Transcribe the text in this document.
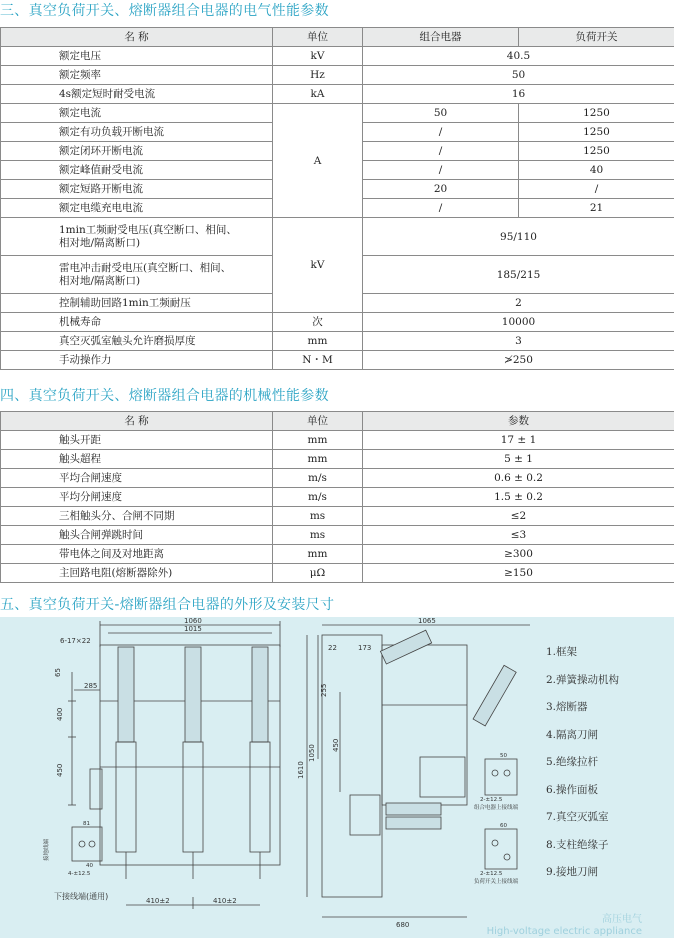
三、真空负荷开关、熔断器组合电器的电气性能参数
名 称	单位	组合电器	负荷开关
额定电压	kV	40.5	
额定频率	Hz	50	
4s额定短时耐受电流	kA	16	
额定电流	A	50	1250
额定有功负载开断电流		/	1250
额定闭环开断电流		/	1250
额定峰值耐受电流		/	40
额定短路开断电流		20	/
额定电缆充电电流		/	21

1min工频耐受电压(真空断口、相间、
相对地/隔离断口)	kV	95/110	

雷电冲击耐受电压(真空断口、相间、
相对地/隔离断口)		185/215	
控制辅助回路1min工频耐压		2	
机械寿命	次	10000	
真空灭弧室触头允许磨损厚度	mm	3	
手动操作力	N・M	≯250	
四、真空负荷开关、熔断器组合电器的机械性能参数
名 称	单位	参数
触头开距	mm	17 ± 1
触头超程	mm	5 ± 1
平均合闸速度	m/s	0.6 ± 0.2
平均分闸速度	m/s	1.5 ± 0.2
三相触头分、合闸不同期	ms	≤2
触头合闸弹跳时间	ms	≤3
带电体之间及对地距离	mm	≥300
主回路电阻(熔断器除外)	μΩ	≥150
五、真空负荷开关-熔断器组合电器的外形及安装尺寸
1060
1015
6-17×22
285
400
450
65
410±2	410±2
81
40
4-±12.5
下接线端(通用)
接地线端
1065
22	173
255
450
1050
1610
680
50
60
2-±12.5
2-±12.5
组合电器上接线端
负荷开关上接线端
1.框架
2.弹簧操动机构
3.熔断器
4.隔离刀闸
5.绝缘拉杆
6.操作面板
7.真空灭弧室
8.支柱绝缘子
9.接地刀闸
高压电气
High-voltage electric appliance
